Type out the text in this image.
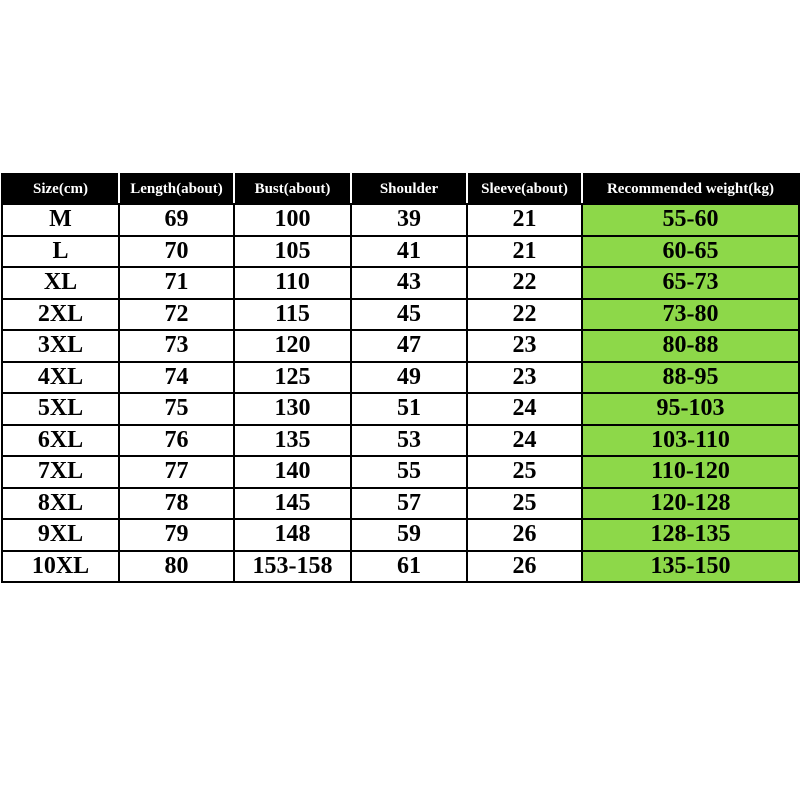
Size(cm)	Length(about)	Bust(about)	Shoulder	Sleeve(about)	Recommended weight(kg)
M	69	100	39	21	55-60
L	70	105	41	21	60-65
XL	71	110	43	22	65-73
2XL	72	115	45	22	73-80
3XL	73	120	47	23	80-88
4XL	74	125	49	23	88-95
5XL	75	130	51	24	95-103
6XL	76	135	53	24	103-110
7XL	77	140	55	25	110-120
8XL	78	145	57	25	120-128
9XL	79	148	59	26	128-135
10XL	80	153-158	61	26	135-150
